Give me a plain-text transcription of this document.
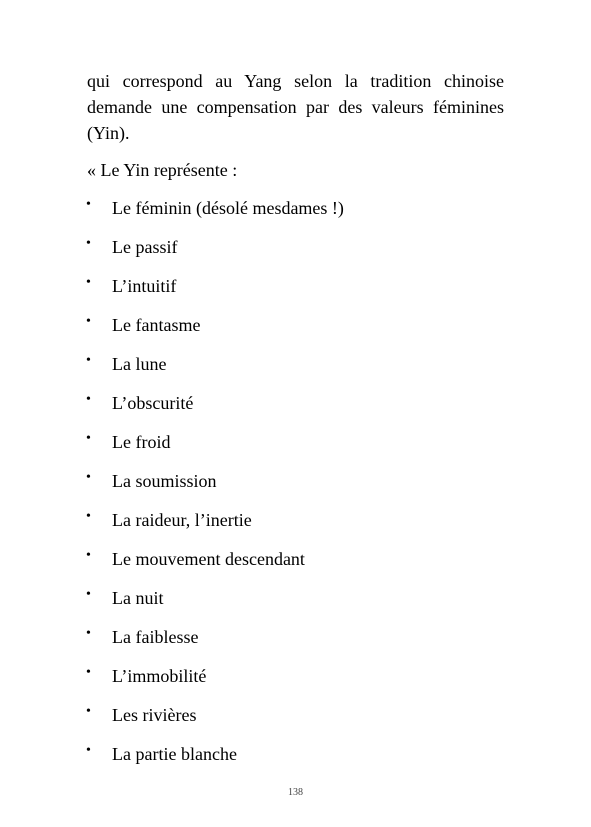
qui correspond au Yang selon la tradition chinoise demande une compensation par des valeurs féminines (Yin).

« Le Yin représente :

• Le féminin (désolé mesdames !)
• Le passif
• L’intuitif
• Le fantasme
• La lune
• L’obscurité
• Le froid
• La soumission
• La raideur, l’inertie
• Le mouvement descendant
• La nuit
• La faiblesse
• L’immobilité
• Les rivières
• La partie blanche
138
